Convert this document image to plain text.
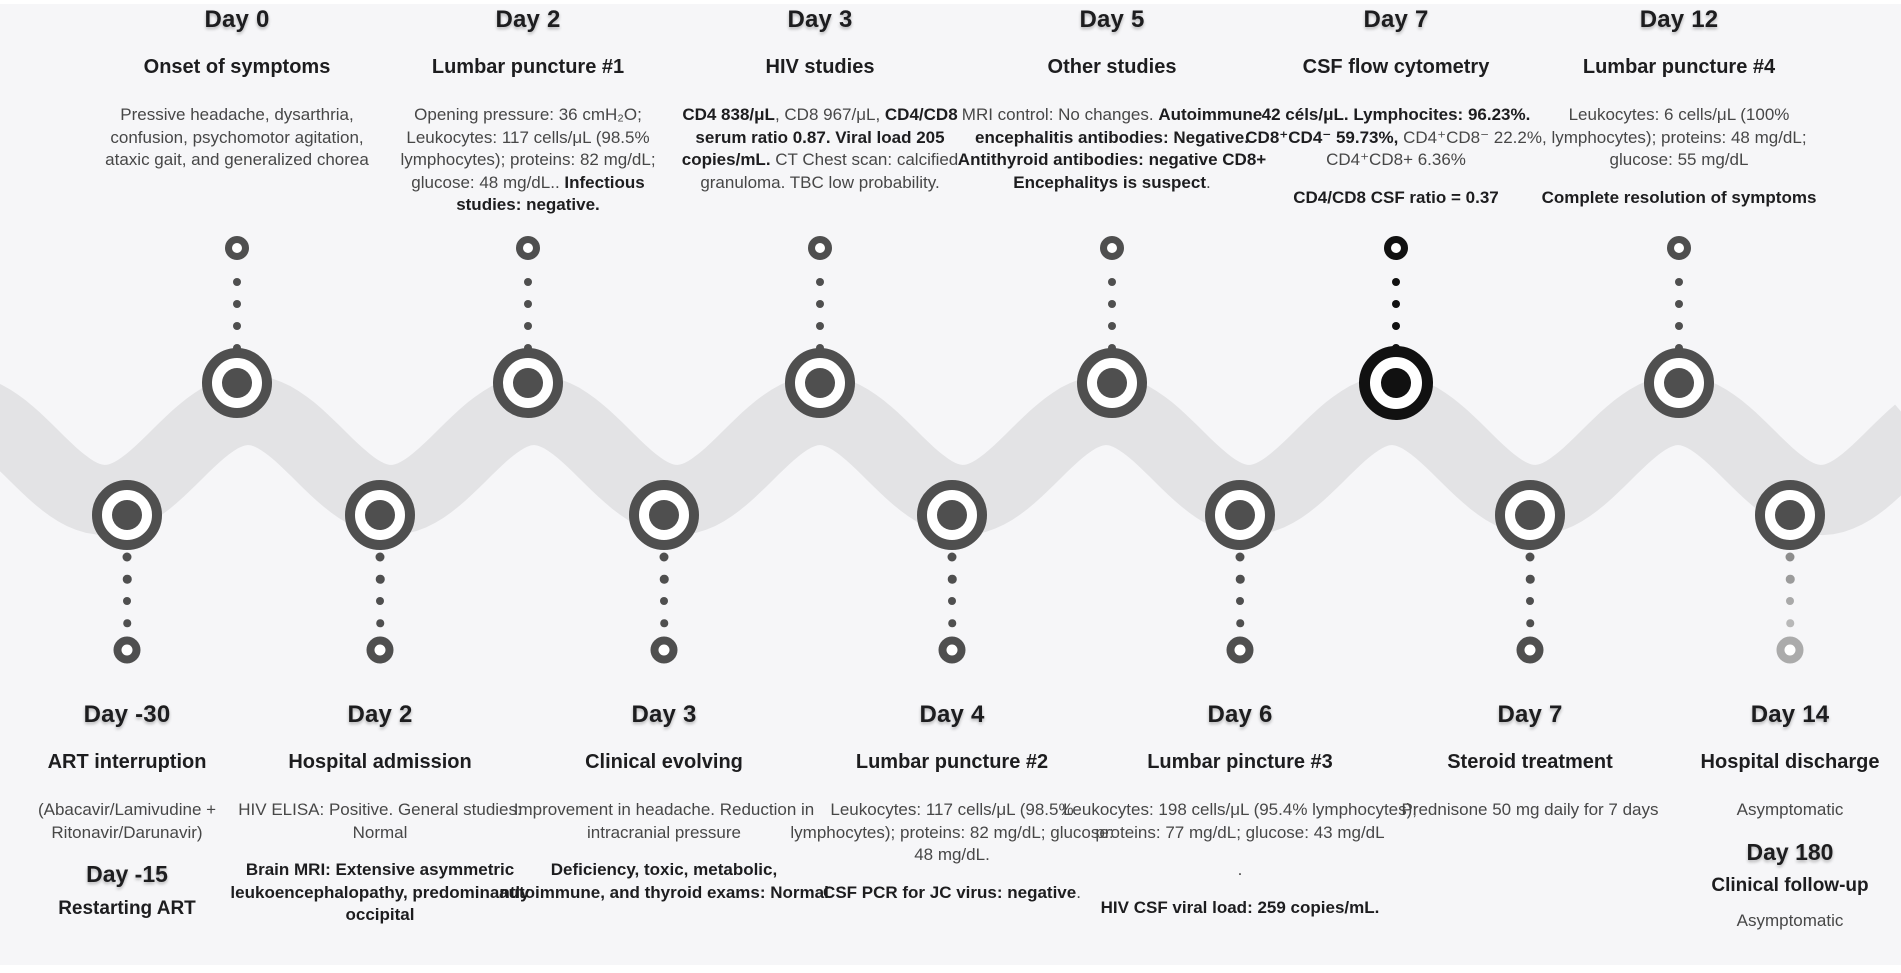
Day 0
Onset of symptoms
Pressive headache, dysarthria, confusion, psychomotor agitation, ataxic gait, and generalized chorea
Day 2
Lumbar puncture #1
Opening pressure: 36 cmH₂O; Leukocytes: 117 cells/μL (98.5% lymphocytes); proteins: 82 mg/dL; glucose: 48 mg/dL.. Infectious studies: negative.
Day 3
HIV studies
CD4 838/μL, CD8 967/μL, CD4/CD8 serum ratio 0.87. Viral load 205 copies/mL. CT Chest scan: calcified granuloma. TBC low probability.
Day 5
Other studies
MRI control: No changes. Autoimmune encephalitis antibodies: Negative. Antithyroid antibodies: negative CD8+ Encephalitys is suspect.
Day 7
CSF flow cytometry
42 céls/μL. Lymphocites: 96.23%. CD8⁺CD4⁻ 59.73%, CD4⁺CD8⁻ 22.2%, CD4⁺CD8+ 6.36%
CD4/CD8 CSF ratio = 0.37
Day 12
Lumbar puncture #4
Leukocytes: 6 cells/μL (100% lymphocytes); proteins: 48 mg/dL; glucose: 55 mg/dL
Complete resolution of symptoms
Day -30
ART interruption
(Abacavir/Lamivudine + Ritonavir/Darunavir)
Day -15
Restarting ART
Day 2
Hospital admission
HIV ELISA: Positive. General studies: Normal
Brain MRI: Extensive asymmetric leukoencephalopathy, predominantly occipital
Day 3
Clinical evolving
Improvement in headache. Reduction in intracranial pressure
Deficiency, toxic, metabolic, autoimmune, and thyroid exams: Normal
Day 4
Lumbar puncture #2
Leukocytes: 117 cells/μL (98.5% lymphocytes); proteins: 82 mg/dL; glucose: 48 mg/dL.
CSF PCR for JC virus: negative.
Day 6
Lumbar pincture #3
Leukocytes: 198 cells/μL (95.4% lymphocytes); proteins: 77 mg/dL; glucose: 43 mg/dL
.
HIV CSF viral load: 259 copies/mL.
Day 7
Steroid treatment
Prednisone 50 mg daily for 7 days
Day 14
Hospital discharge
Asymptomatic
Day 180
Clinical follow-up
Asymptomatic
